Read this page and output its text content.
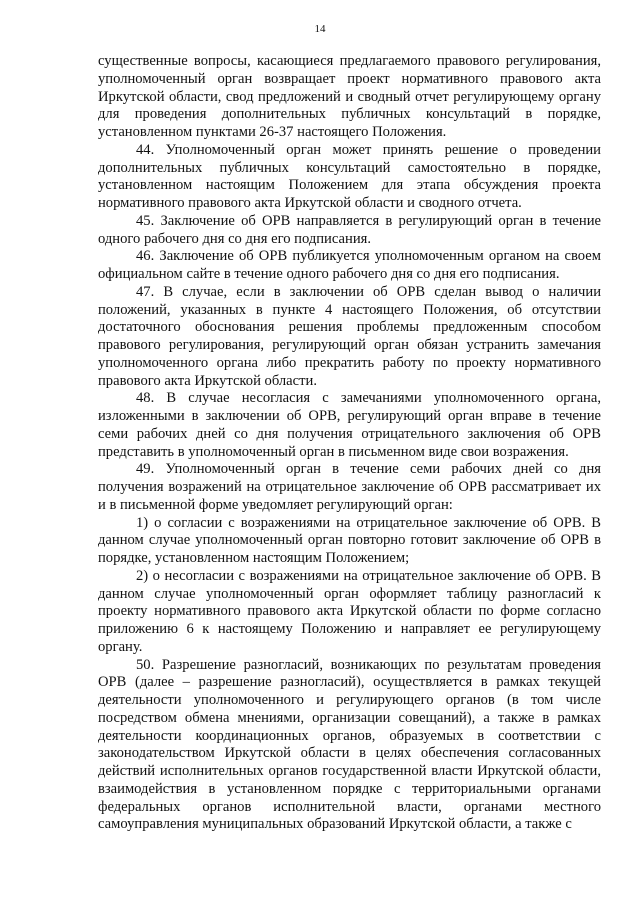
14

существенные вопросы, касающиеся предлагаемого правового регулирования, уполномоченный орган возвращает проект нормативного правового акта Иркутской области, свод предложений и сводный отчет регулирующему органу для проведения дополнительных публичных консультаций в порядке, установленном пунктами 26-37 настоящего Положения.

44. Уполномоченный орган может принять решение о проведении дополнительных публичных консультаций самостоятельно в порядке, установленном настоящим Положением для этапа обсуждения проекта нормативного правового акта Иркутской области и сводного отчета.

45. Заключение об ОРВ направляется в регулирующий орган в течение одного рабочего дня со дня его подписания.

46. Заключение об ОРВ публикуется уполномоченным органом на своем официальном сайте в течение одного рабочего дня со дня его подписания.

47. В случае, если в заключении об ОРВ сделан вывод о наличии положений, указанных в пункте 4 настоящего Положения, об отсутствии достаточного обоснования решения проблемы предложенным способом правового регулирования, регулирующий орган обязан устранить замечания уполномоченного органа либо прекратить работу по проекту нормативного правового акта Иркутской области.

48. В случае несогласия с замечаниями уполномоченного органа, изложенными в заключении об ОРВ, регулирующий орган вправе в течение семи рабочих дней со дня получения отрицательного заключения об ОРВ представить в уполномоченный орган в письменном виде свои возражения.

49. Уполномоченный орган в течение семи рабочих дней со дня получения возражений на отрицательное заключение об ОРВ рассматривает их и в письменной форме уведомляет регулирующий орган:

1) о согласии с возражениями на отрицательное заключение об ОРВ. В данном случае уполномоченный орган повторно готовит заключение об ОРВ в порядке, установленном настоящим Положением;

2) о несогласии с возражениями на отрицательное заключение об ОРВ. В данном случае уполномоченный орган оформляет таблицу разногласий к проекту нормативного правового акта Иркутской области по форме согласно приложению 6 к настоящему Положению и направляет ее регулирующему органу.

50. Разрешение разногласий, возникающих по результатам проведения ОРВ (далее – разрешение разногласий), осуществляется в рамках текущей деятельности уполномоченного и регулирующего органов (в том числе посредством обмена мнениями, организации совещаний), а также в рамках деятельности координационных органов, образуемых в соответствии с законодательством Иркутской области в целях обеспечения согласованных действий исполнительных органов государственной власти Иркутской области, взаимодействия в установленном порядке с территориальными органами федеральных органов исполнительной власти, органами местного самоуправления муниципальных образований Иркутской области, а также с
